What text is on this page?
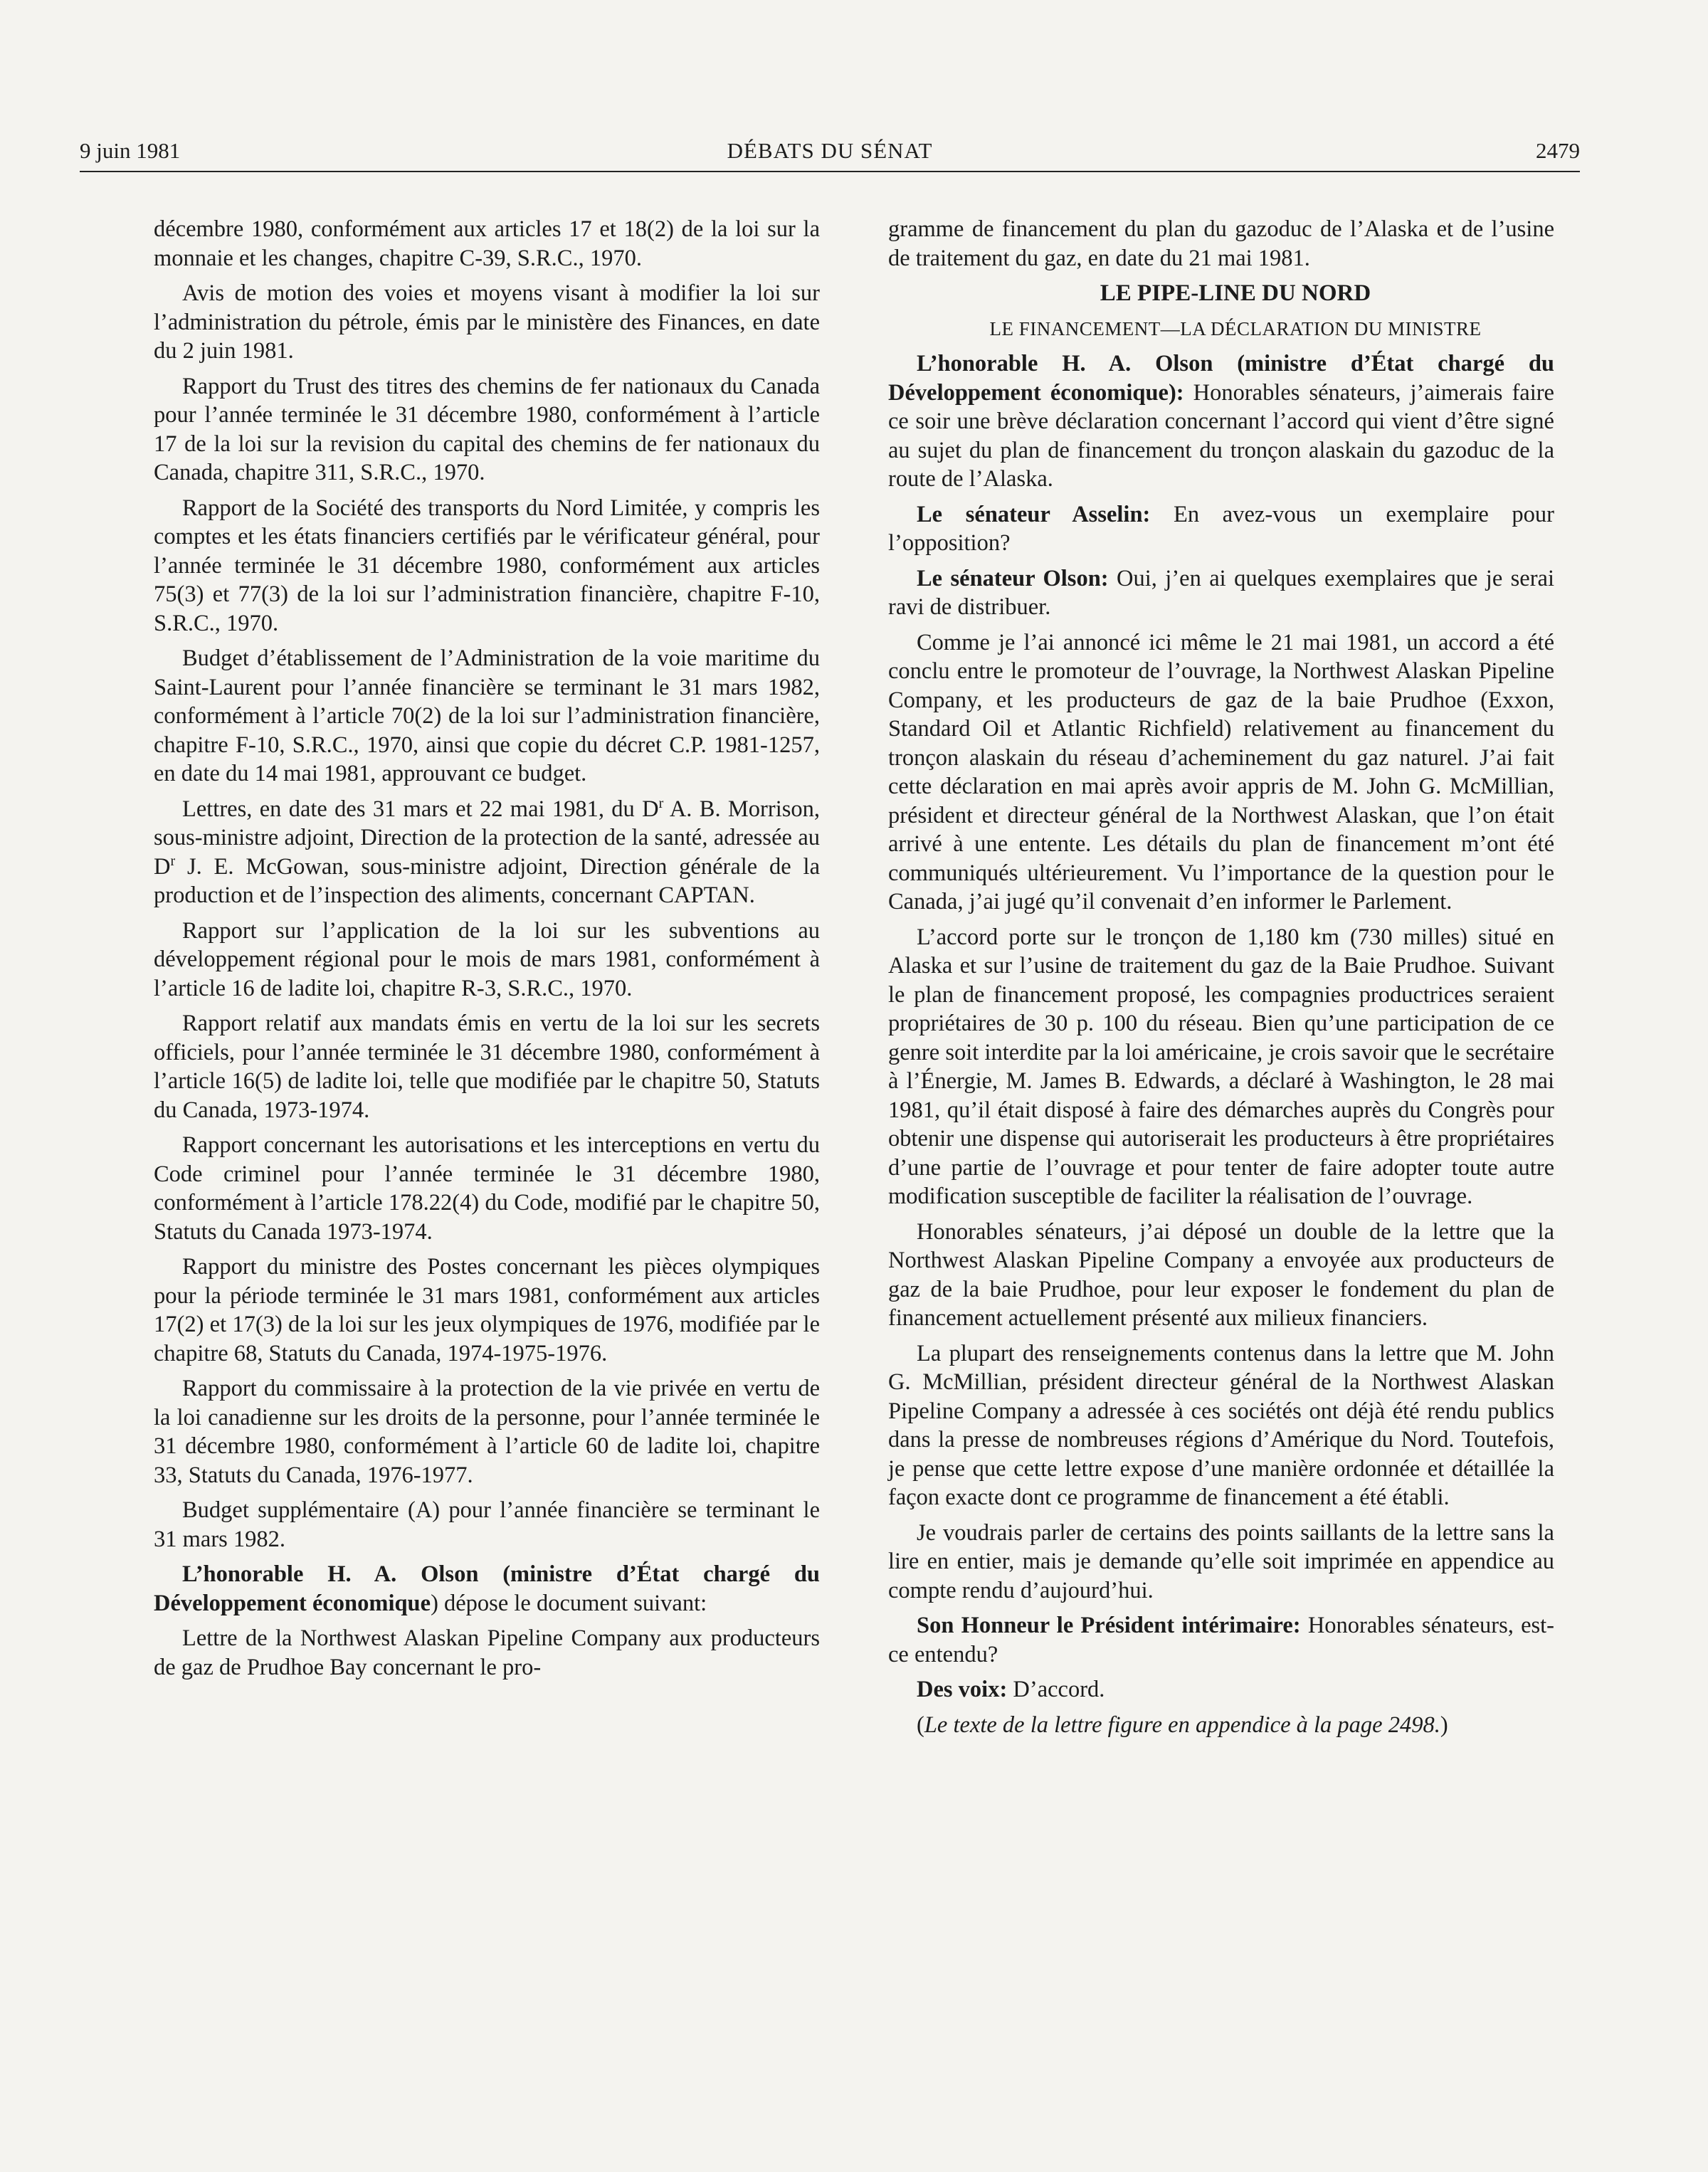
9 juin 1981	DÉBATS DU SÉNAT	2479

décembre 1980, conformément aux articles 17 et 18(2) de la loi sur la monnaie et les changes, chapitre C-39, S.R.C., 1970.

Avis de motion des voies et moyens visant à modifier la loi sur l’administration du pétrole, émis par le ministère des Finances, en date du 2 juin 1981.

Rapport du Trust des titres des chemins de fer nationaux du Canada pour l’année terminée le 31 décembre 1980, conformément à l’article 17 de la loi sur la revision du capital des chemins de fer nationaux du Canada, chapitre 311, S.R.C., 1970.

Rapport de la Société des transports du Nord Limitée, y compris les comptes et les états financiers certifiés par le vérificateur général, pour l’année terminée le 31 décembre 1980, conformément aux articles 75(3) et 77(3) de la loi sur l’administration financière, chapitre F-10, S.R.C., 1970.

Budget d’établissement de l’Administration de la voie maritime du Saint-Laurent pour l’année financière se terminant le 31 mars 1982, conformément à l’article 70(2) de la loi sur l’administration financière, chapitre F-10, S.R.C., 1970, ainsi que copie du décret C.P. 1981-1257, en date du 14 mai 1981, approuvant ce budget.

Lettres, en date des 31 mars et 22 mai 1981, du $D^r$ A. B. Morrison, sous-ministre adjoint, Direction de la protection de la santé, adressée au $D^r$ J. E. McGowan, sous-ministre adjoint, Direction générale de la production et de l’inspection des aliments, concernant CAPTAN.

Rapport sur l’application de la loi sur les subventions au développement régional pour le mois de mars 1981, conformément à l’article 16 de ladite loi, chapitre R-3, S.R.C., 1970.

Rapport relatif aux mandats émis en vertu de la loi sur les secrets officiels, pour l’année terminée le 31 décembre 1980, conformément à l’article 16(5) de ladite loi, telle que modifiée par le chapitre 50, Statuts du Canada, 1973-1974.

Rapport concernant les autorisations et les interceptions en vertu du Code criminel pour l’année terminée le 31 décembre 1980, conformément à l’article 178.22(4) du Code, modifié par le chapitre 50, Statuts du Canada 1973-1974.

Rapport du ministre des Postes concernant les pièces olympiques pour la période terminée le 31 mars 1981, conformément aux articles 17(2) et 17(3) de la loi sur les jeux olympiques de 1976, modifiée par le chapitre 68, Statuts du Canada, 1974-1975-1976.

Rapport du commissaire à la protection de la vie privée en vertu de la loi canadienne sur les droits de la personne, pour l’année terminée le 31 décembre 1980, conformément à l’article 60 de ladite loi, chapitre 33, Statuts du Canada, 1976-1977.

Budget supplémentaire (A) pour l’année financière se terminant le 31 mars 1982.

L’honorable H. A. Olson (ministre d’État chargé du Développement économique) dépose le document suivant:

Lettre de la Northwest Alaskan Pipeline Company aux producteurs de gaz de Prudhoe Bay concernant le pro-

gramme de financement du plan du gazoduc de l’Alaska et de l’usine de traitement du gaz, en date du 21 mai 1981.

LE PIPE-LINE DU NORD

LE FINANCEMENT—LA DÉCLARATION DU MINISTRE

L’honorable H. A. Olson (ministre d’État chargé du Développement économique): Honorables sénateurs, j’aimerais faire ce soir une brève déclaration concernant l’accord qui vient d’être signé au sujet du plan de financement du tronçon alaskain du gazoduc de la route de l’Alaska.

Le sénateur Asselin: En avez-vous un exemplaire pour l’opposition?

Le sénateur Olson: Oui, j’en ai quelques exemplaires que je serai ravi de distribuer.

Comme je l’ai annoncé ici même le 21 mai 1981, un accord a été conclu entre le promoteur de l’ouvrage, la Northwest Alaskan Pipeline Company, et les producteurs de gaz de la baie Prudhoe (Exxon, Standard Oil et Atlantic Richfield) relativement au financement du tronçon alaskain du réseau d’acheminement du gaz naturel. J’ai fait cette déclaration en mai après avoir appris de M. John G. McMillian, président et directeur général de la Northwest Alaskan, que l’on était arrivé à une entente. Les détails du plan de financement m’ont été communiqués ultérieurement. Vu l’importance de la question pour le Canada, j’ai jugé qu’il convenait d’en informer le Parlement.

L’accord porte sur le tronçon de 1,180 km (730 milles) situé en Alaska et sur l’usine de traitement du gaz de la Baie Prudhoe. Suivant le plan de financement proposé, les compagnies productrices seraient propriétaires de 30 p. 100 du réseau. Bien qu’une participation de ce genre soit interdite par la loi américaine, je crois savoir que le secrétaire à l’Énergie, M. James B. Edwards, a déclaré à Washington, le 28 mai 1981, qu’il était disposé à faire des démarches auprès du Congrès pour obtenir une dispense qui autoriserait les producteurs à être propriétaires d’une partie de l’ouvrage et pour tenter de faire adopter toute autre modification susceptible de faciliter la réalisation de l’ouvrage.

Honorables sénateurs, j’ai déposé un double de la lettre que la Northwest Alaskan Pipeline Company a envoyée aux producteurs de gaz de la baie Prudhoe, pour leur exposer le fondement du plan de financement actuellement présenté aux milieux financiers.

La plupart des renseignements contenus dans la lettre que M. John G. McMillian, président directeur général de la Northwest Alaskan Pipeline Company a adressée à ces sociétés ont déjà été rendu publics dans la presse de nombreuses régions d’Amérique du Nord. Toutefois, je pense que cette lettre expose d’une manière ordonnée et détaillée la façon exacte dont ce programme de financement a été établi.

Je voudrais parler de certains des points saillants de la lettre sans la lire en entier, mais je demande qu’elle soit imprimée en appendice au compte rendu d’aujourd’hui.

Son Honneur le Président intérimaire: Honorables sénateurs, est-ce entendu?

Des voix: D’accord.

(Le texte de la lettre figure en appendice à la page 2498.)
